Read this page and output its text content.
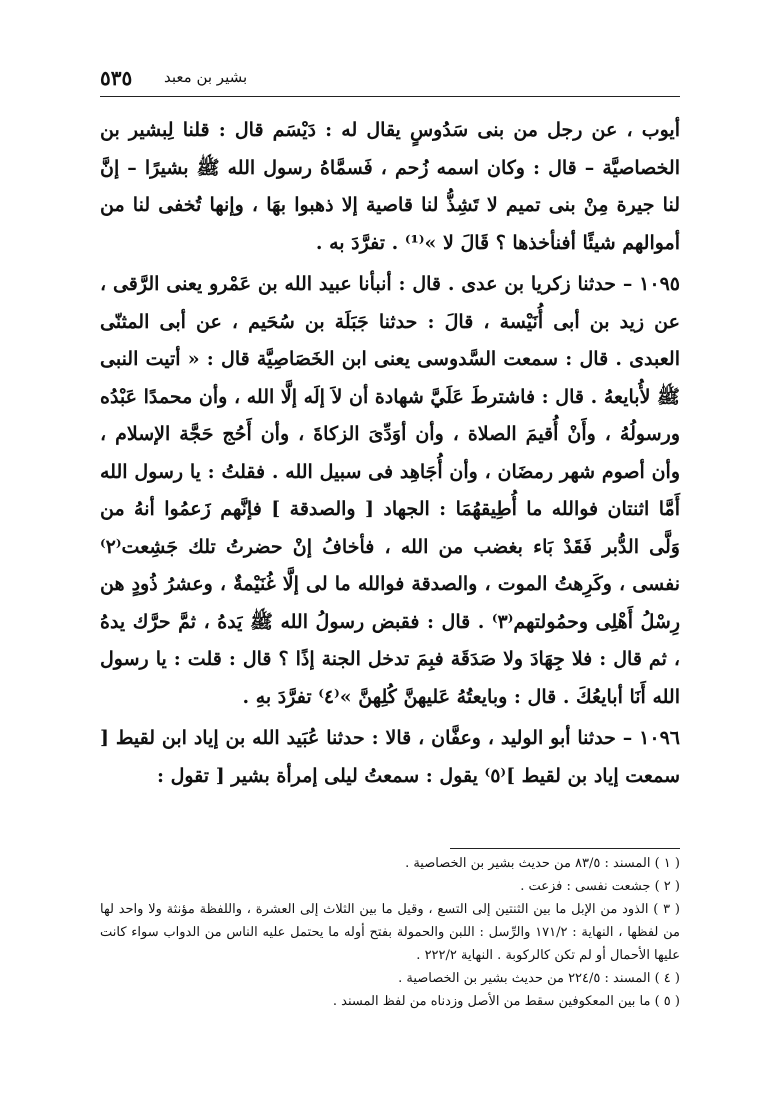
٥٣٥ بشير بن معبد

أيوب ، عن رجل من بنى سَدُوسٍ يقال له : دَيْسَم قال : قلنا لِبشير بن الخصاصيَّة – قال : وكان اسمه زُحم ، فَسمَّاهُ رسول الله ﷺ بشيرًا – إنَّ لنا جيرة مِنْ بنى تميم لا تَشِذُّ لنا قاصية إلا ذهبوا بهَا ، وإنها تُخفى لنا من أموالهم شيئًا أفنأخذها ؟ قَالَ لا »⁽¹⁾ . تفرَّدَ به .

١٠٩٥ – حدثنا زكريا بن عدى . قال : أنبأنا عبيد الله بن عَمْرو يعنى الرَّقى ، عن زيد بن أبى أُنَيْسة ، قالَ : حدثنا جَبَلَة بن سُحَيم ، عن أبى المثنّى العبدى . قال : سمعت السَّدوسى يعنى ابن الخَصَاصِيَّة قال : « أتيت النبى ﷺ لأُبايعهُ . قال : فاشترطَ عَلَيَّ شهادة أن لاَ إلَه إلَّا الله ، وأن محمدًا عَبْدُه ورسولُهُ ، وأَنْ أُقيمَ الصلاة ، وأن أوَدِّىَ الزكاةَ ، وأن أَحُج حَجَّة الإسلام ، وأن أصوم شهر رمضَان ، وأن أُجَاهِد فى سبيل الله . فقلتُ : يا رسول الله أَمَّا اثنتان فوالله ما أُطِيقهُمَا : الجهاد [ والصدقة ] فإنَّهم زَعمُوا أنهُ من وَلَّى الدُّبر فَقَدْ بَاء بغضب من الله ، فأخافُ إنْ حضرتُ تلك جَشِعت⁽٢⁾ نفسى ، وكَرِهتُ الموت ، والصدقة فوالله ما لى إلَّا غُنَيْمةٌ ، وعشرُ ذُودٍ هن رِسْلُ أَهْلِى وحمُولتهم⁽٣⁾ . قال : فقبض رسولُ الله ﷺ يَدهُ ، ثمَّ حرَّك يدهُ ، ثم قال : فلا جِهَادَ ولا صَدَقَة فبِمَ تدخل الجنة إذًا ؟ قال : قلت : يا رسول الله أَنَا أبايعُكَ . قال : وبايعتُهُ عَليهنَّ كُلِهنَّ »⁽٤⁾ تفرَّدَ بهِ .

١٠٩٦ – حدثنا أبو الوليد ، وعفَّان ، قالا : حدثنا عُبَيد الله بن إياد ابن لقيط [ سمعت إياد بن لقيط ]⁽٥⁾ يقول : سمعتُ ليلى إمرأة بشير [ تقول :

( ١ ) المسند : ٨٣/٥ من حديث بشير بن الخصاصية .

( ٢ ) جشعت نفسى : فزعت .

( ٣ ) الذود من الإبل ما بين الثنتين إلى التسع ، وقيل ما بين الثلاث إلى العشرة ، واللفظة مؤنثة ولا واحد لها من لفظها ، النهاية : ١٧١/٢ والرِّسل : اللبن والحمولة بفتح أوله ما يحتمل عليه الناس من الدواب سواء كانت عليها الأحمال أو لم تكن كالركوبة . النهاية ٢٢٢/٢ .

( ٤ ) المسند : ٢٢٤/٥ من حديث بشير بن الخصاصية .

( ٥ ) ما بين المعكوفين سقط من الأصل وزدناه من لفظ المسند .
